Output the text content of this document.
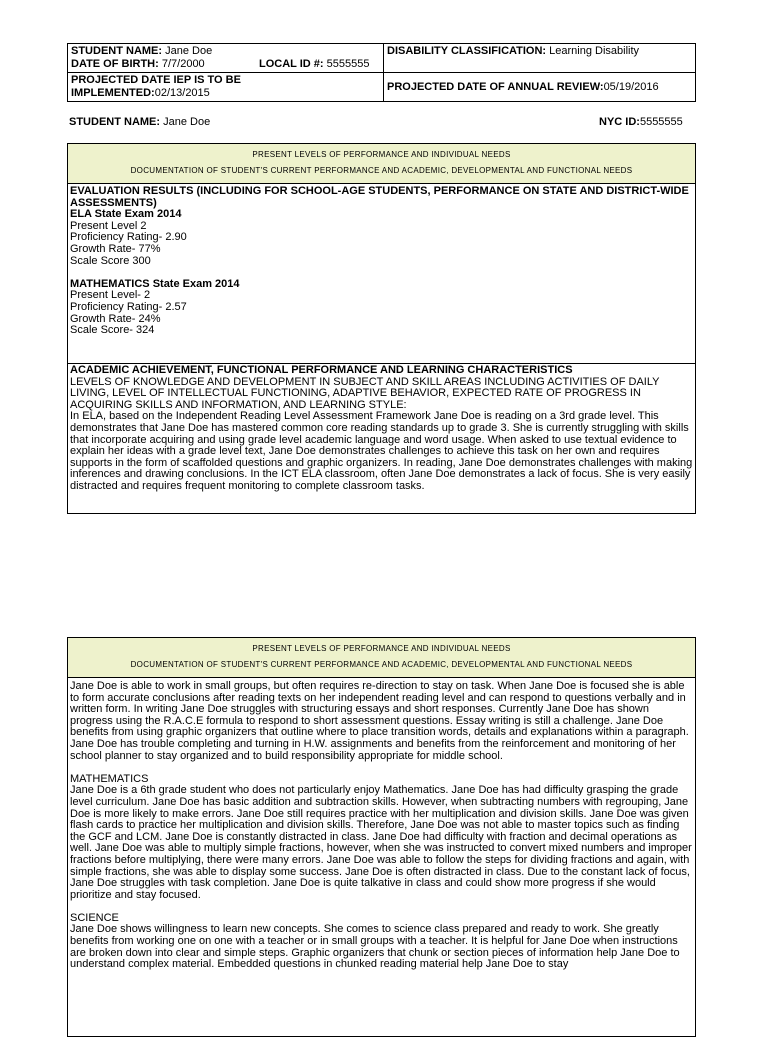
STUDENT NAME: Jane Doe
DATE OF BIRTH: 7/7/2000 LOCAL ID #: 5555555	DISABILITY CLASSIFICATION: Learning Disability

PROJECTED DATE IEP IS TO BE
IMPLEMENTED:02/13/2015	PROJECTED DATE OF ANNUAL REVIEW:05/19/2016
STUDENT NAME: Jane Doe	NYC ID:5555555
PRESENT LEVELS OF PERFORMANCE AND INDIVIDUAL NEEDS
DOCUMENTATION OF STUDENT'S CURRENT PERFORMANCE AND ACADEMIC, DEVELOPMENTAL AND FUNCTIONAL NEEDS

EVALUATION RESULTS (INCLUDING FOR SCHOOL-AGE STUDENTS, PERFORMANCE ON STATE AND DISTRICT-WIDE ASSESSMENTS)

ELA State Exam 2014

Present Level 2

Proficiency Rating- 2.90

Growth Rate- 77%

Scale Score 300

MATHEMATICS State Exam 2014

Present Level- 2

Proficiency Rating- 2.57

Growth Rate- 24%

Scale Score- 324

ACADEMIC ACHIEVEMENT, FUNCTIONAL PERFORMANCE AND LEARNING CHARACTERISTICS

LEVELS OF KNOWLEDGE AND DEVELOPMENT IN SUBJECT AND SKILL AREAS INCLUDING ACTIVITIES OF DAILY LIVING, LEVEL OF INTELLECTUAL FUNCTIONING, ADAPTIVE BEHAVIOR, EXPECTED RATE OF PROGRESS IN ACQUIRING SKILLS AND INFORMATION, AND LEARNING STYLE:

In ELA, based on the Independent Reading Level Assessment Framework Jane Doe is reading on a 3rd grade level. This demonstrates that Jane Doe has mastered common core reading standards up to grade 3. She is currently struggling with skills that incorporate acquiring and using grade level academic language and word usage. When asked to use textual evidence to explain her ideas with a grade level text, Jane Doe demonstrates challenges to achieve this task on her own and requires supports in the form of scaffolded questions and graphic organizers. In reading, Jane Doe demonstrates challenges with making inferences and drawing conclusions. In the ICT ELA classroom, often Jane Doe demonstrates a lack of focus. She is very easily distracted and requires frequent monitoring to complete classroom tasks.

PRESENT LEVELS OF PERFORMANCE AND INDIVIDUAL NEEDS
DOCUMENTATION OF STUDENT'S CURRENT PERFORMANCE AND ACADEMIC, DEVELOPMENTAL AND FUNCTIONAL NEEDS

Jane Doe is able to work in small groups, but often requires re-direction to stay on task. When Jane Doe is focused she is able to form accurate conclusions after reading texts on her independent reading level and can respond to questions verbally and in written form. In writing Jane Doe struggles with structuring essays and short responses. Currently Jane Doe has shown progress using the R.A.C.E formula to respond to short assessment questions. Essay writing is still a challenge. Jane Doe benefits from using graphic organizers that outline where to place transition words, details and explanations within a paragraph. Jane Doe has trouble completing and turning in H.W. assignments and benefits from the reinforcement and monitoring of her school planner to stay organized and to build responsibility appropriate for middle school.

MATHEMATICS

Jane Doe is a 6th grade student who does not particularly enjoy Mathematics. Jane Doe has had difficulty grasping the grade level curriculum. Jane Doe has basic addition and subtraction skills. However, when subtracting numbers with regrouping, Jane Doe is more likely to make errors. Jane Doe still requires practice with her multiplication and division skills. Jane Doe was given flash cards to practice her multiplication and division skills. Therefore, Jane Doe was not able to master topics such as finding the GCF and LCM. Jane Doe is constantly distracted in class. Jane Doe had difficulty with fraction and decimal operations as well. Jane Doe was able to multiply simple fractions, however, when she was instructed to convert mixed numbers and improper fractions before multiplying, there were many errors. Jane Doe was able to follow the steps for dividing fractions and again, with simple fractions, she was able to display some success. Jane Doe is often distracted in class. Due to the constant lack of focus, Jane Doe struggles with task completion. Jane Doe is quite talkative in class and could show more progress if she would prioritize and stay focused.

SCIENCE

Jane Doe shows willingness to learn new concepts. She comes to science class prepared and ready to work. She greatly benefits from working one on one with a teacher or in small groups with a teacher. It is helpful for Jane Doe when instructions are broken down into clear and simple steps. Graphic organizers that chunk or section pieces of information help Jane Doe to understand complex material. Embedded questions in chunked reading material help Jane Doe to stay
